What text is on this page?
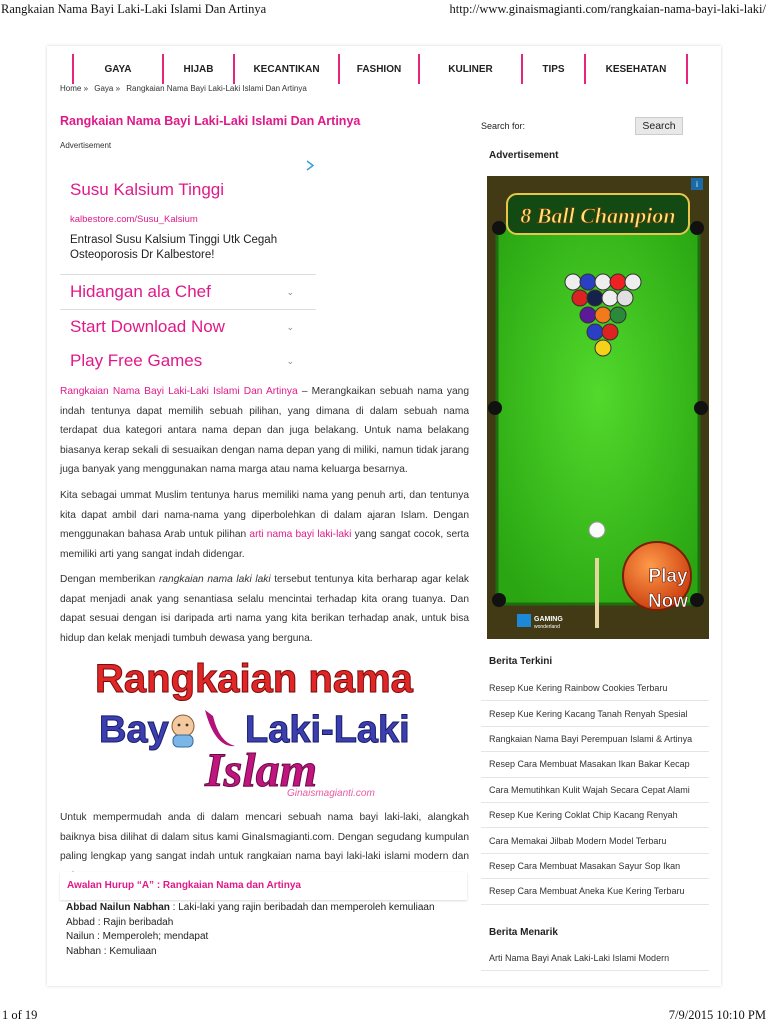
Rangkaian Nama Bayi Laki-Laki Islami Dan Artinya	http://www.ginaismagianti.com/rangkaian-nama-bayi-laki-laki/
1 of 19	7/9/2015 10:10 PM
GAYA	HIJAB	KECANTIKAN	FASHION	KULINER	TIPS	KESEHATAN
Home » Gaya » Rangkaian Nama Bayi Laki-Laki Islami Dan Artinya
Rangkaian Nama Bayi Laki-Laki Islami Dan Artinya
Advertisement
Susu Kalsium Tinggi
kalbestore.com/Susu_Kalsium
Entrasol Susu Kalsium Tinggi Utk Cegah Osteoporosis Dr Kalbestore!
Hidangan ala Chef	⌄
Start Download Now	⌄
Play Free Games	⌄
Rangkaian Nama Bayi Laki-Laki Islami Dan Artinya – Merangkaikan sebuah nama yang indah tentunya dapat memilih sebuah pilihan, yang dimana di dalam sebuah nama terdapat dua kategori antara nama depan dan juga belakang. Untuk nama belakang biasanya kerap sekali di sesuaikan dengan nama depan yang di miliki, namun tidak jarang juga banyak yang menggunakan nama marga atau nama keluarga besarnya.
Kita sebagai ummat Muslim tentunya harus memiliki nama yang penuh arti, dan tentunya kita dapat ambil dari nama-nama yang diperbolehkan di dalam ajaran Islam. Dengan menggunakan bahasa Arab untuk pilihan arti nama bayi laki-laki yang sangat cocok, serta memiliki arti yang sangat indah didengar.
Dengan memberikan rangkaian nama laki laki tersebut tentunya kita berharap agar kelak dapat menjadi anak yang senantiasa selalu mencintai terhadap kita orang tuanya. Dan dapat sesuai dengan isi daripada arti nama yang kita berikan terhadap anak, untuk bisa hidup dan kelak menjadi tumbuh dewasa yang berguna.
Rangkaian nama
Bay Laki-Laki
Islam
Ginaismagianti.com
Untuk mempermudah anda di dalam mencari sebuah nama bayi laki-laki, alangkah baiknya bisa dilihat di dalam situs kami GinaIsmagianti.com. Dengan segudang kumpulan paling lengkap yang sangat indah untuk rangkaian nama bayi laki-laki islami modern dan
Awalan Hurup “A” : Rangkaian Nama dan Artinya
Abbad Nailun Nabhan : Laki-laki yang rajin beribadah dan memperoleh kemuliaan
Abbad : Rajin beribadah
Nailun : Memperoleh; mendapat
Nabhan : Kemuliaan
Search for:	Search
Advertisement
8 Ball Champion
Play
Now
GAMING
wonderland
i
Berita Terkini
Resep Kue Kering Rainbow Cookies Terbaru
Resep Kue Kering Kacang Tanah Renyah Spesial
Rangkaian Nama Bayi Perempuan Islami & Artinya
Resep Cara Membuat Masakan Ikan Bakar Kecap
Cara Memutihkan Kulit Wajah Secara Cepat Alami
Resep Kue Kering Coklat Chip Kacang Renyah
Cara Memakai Jilbab Modern Model Terbaru
Resep Cara Membuat Masakan Sayur Sop Ikan
Resep Cara Membuat Aneka Kue Kering Terbaru
Berita Menarik
Arti Nama Bayi Anak Laki-Laki Islami Modern
